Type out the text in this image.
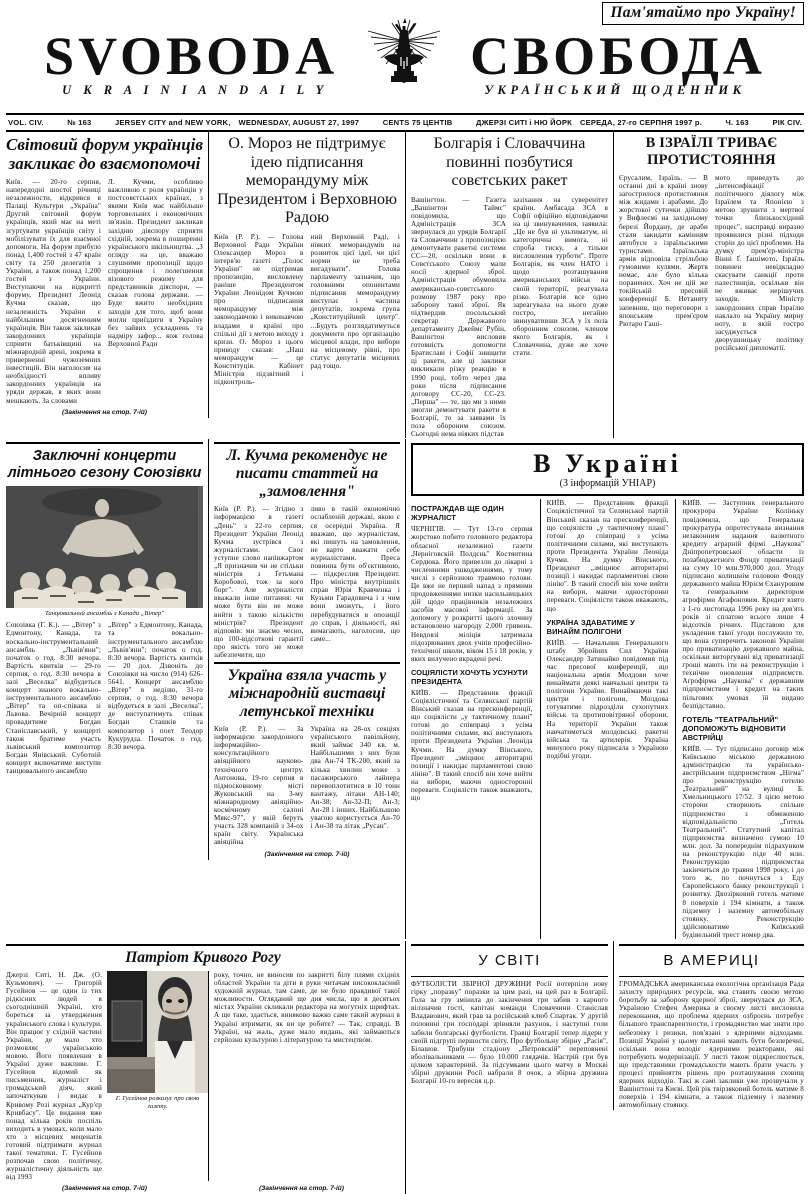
Пам'ятаймо про Україну!
SVOBODA СВОБОДА
U K R A I N I A N D A I L Y	УКРАЇНСЬКИЙ ЩОДЕННИК
VOL. CIV.	№ 163	JERSEY CITY and NEW YORK, WEDNESDAY, AUGUST 27, 1997	CENTS 75 ЦЕНТІВ	ДЖЕРЗІ СИТІ і НЮ ЙОРК СЕРЕДА, 27-го СЕРПНЯ 1997 р.	Ч. 163	РІК CIV.
Світовий форум українців закликає до взаємопомочі
Київ. — 20-го серпня, напередодні шостої річниці незалежности, відкрився в Палаці Культури „Україна" Другий світовий форум українців, який має на меті згуртувати українців світу і мобілізувати їх для взаємної допомоги. На форум прибуло понад 1,400 гостей з 47 країн світу та 250 делегатів з України, а також понад 1,200 гостей з України. Виступаючи на відкритті форуму, Президент Леонід Кучма сказав, що незалежність України є найбільшим досягненням українців. Він також закликав закордонних українців сприяти батьківщині на міжнародній арені, зокрема в приверненні чужоземних інвестицій. Він наголосив на необхідності впливу закордонних українців на уряди держав, в яких вони мешкають. За словами
Л. Кучми, особливо важливою є роля українців у постсовєтських країнах, з якими Київ має найбільше торговельних і економічних зв'язків. Президент закликав західню діяспору сприяти східній, зокрема в поширенні українського шкільництва. „З огляду на це, вважаю слушними пропозиції щодо спрощення і полегшення візового режиму для представників діяспори, — сказав голова держави. — Буде вжито необхідних заходів для того, щоб вони могли приїздити в Україну без зайвих ускладнень та надміру зафор... кож голова Верховної Ради
(Закінчення на стор. 7-ій)
О. Мороз не підтримує ідею підписання меморандуму між Президентом і Верховною Радою
Київ (Р. Р.). — Голова Верховної Ради України Олександер Мороз в інтерв'ю газеті „Голос України" не підтримав пропозицію, висловлену раніше Президентом України Леонідом Кучмою про підписання меморандуму між законодавчою і виконавчою владами в країні про спільні дії з метою виходу з кризи. О. Мороз з цього приводу сказав: „Наш меморандум — це Конституція. Кабінет Міністрів підзвітний і підконтроль-
ний Верховній Раді, і ніяких меморандумів на розвиток цієї ідеї, чи цієї норми не треба вигадувати". Голова парламенту зазначив, що головними опонентами підписання меморандуму виступає і частина депутатів, зокрема група „Конституційний центр". ...Будуть розглядатимуться документи про організацію місцевої влади, про вибори на місцевому рівні, про статус депутатів місцевих рад тощо.
Болгарія і Словаччина повинні позбутися совєтських ракет
Вашінґтон. — Газета „Вашінґтон Таймс" повідомила, що Адміністрація ЗСА звернулася до урядів Болгарії та Словаччини з пропозицією демонтувати ракетні системи СС—20, оскільки вони в Совєтського Союзу мали носії ядерної зброї. Адміністрація обумовила американсько-совєтського розмову 1987 року про заборону такої зброї. Як підтвердив посольський секретар Державного департаменту Джеймс Рубін, Вашінґтон висловив готовність допомогти Братиславі і Софії знищити ці ракети, але ці заклики викликали різку реакцію в 1990 році, тобто через два роки після підписання договору СС-20, СС-23. „Перша" — те, що ми з ними змогли демонтувати ракети в Болгарії, то за заявами їх поза обороним союзом. Сьогодні нема ніяких підстав
зазіхання на суверенітет країни. Амбасада ЗСА в Софії офіційно відповідаючи на ці звинувачення, заявила: „Це не був ні ультиматум, ні категорична вимога, ні спроба тиску, а тільки висловлення турботи". Проте Болгарія, як член НАТО і щодо розташування американських військ на своїй території, реагувала різко. Болгарія все одно зареагувала на нього дуже гостро, негайно звинувативши ЗСА у їх поза оборонним союзом, членом якого Болгарія, як і Словаччина, дуже же хоче стати.
В ІЗРАЇЛІ ТРИВАЄ ПРОТИСТОЯННЯ
Єрусалим, Ізраїль. — В останні дні в країні знову загострилося протистояння між жидами і арабами. До жорстокої сутички дійшло у Вифлеємі на західньому березі Йордану, де араби стали закидати камінням автобуси з ізраїльськими туристами. Ізраїльська армія відповіла стрільбою гумовими кулями. Жертв немає, але було кілька поранених. Хоч не цій же токійській пресовій конференції Б. Нетаняту запевнив, що переговори з японським прем'єром Рютаро Гаші-
мото приведуть до „інтенсифікації політичного діялогу між Ізраїлем та Японією з метою зрушити з мертвої точки близькосхідний процес", насправді виразно проявилися різні підходи сторін до цієї проблеми. На думку прем'єр-міністра Вінні Ґ. Ґашімото, Ізраїль повинен невідкладно скасувати санкції проти палестинців, оскільки він не вживає нерішучих заходів. Міністр закордонних справ Ізраїлю наклало на Україну мирну ноту, в якій гостро засуджується дворушницьку політику російської дипломатії.
Заключні концерти літнього сезону Союзівки
Танцювальний ансамбль з Канади „Вітер"
Союзівка (Г. К.). — „Вітер" з Едмонтону, Канада, та воскально-інструментальний ансамбль „Львів'яни"; початок о год. 8:30 вечора. Вартість квитків — 29-го серпня, о год. 8:30 вечора в залі „Веселка" відбудеться концерт знаного вокально-інструментального ансамблю „Вітер" та оп-співака зі Львова. Вечірній концерт провадитиме Богдан Станіславський, у концерті також братиме участь львівський композитор Богдан Янівський. Суботній концерт включатиме виступи танцювального ансамблю
„Вітер" з Едмонтону, Канада, та вокально-інструментального ансамблю „Львів'яни"; початок о год. 8:30 вечора. Вартість квитків — 20 дол. Дзвоніть до Союзівки на число (914) 626-5641. Концерт ансамблю „Вітер" в неділю, 31-го серпня, о год. 8:30 вечора відбудеться в залі „Веселка", де виступатимуть співак Богдан Сташків та композитор і поет Теодор Кукурудза. Початок о год. 8:30 вечора.
Л. Кучма рекомендує не писати статтей на „замовлення"
Київ (Р. Р.). — Згідно з інформацією в газеті „День" з 22-го серпня, Президент України Леонід Кучма зустрівся з журналістами. Своє уступне слово напівжартом „Я призначив чи не стільки міністрів з Ґетьмана Коробової, тож за кого борг". Але журналісти вважали інше питання: чи може бути він не може вийти з такою кількістю міністрів? Президент відповів: ми знаємо чесно, що 100-відсоткові гарантії про якість того не може забезпечити, що
ливо в такій економічно ослабленій державі, якою є ся осередні Україна. Я вважаю, що журналістам, які пишуть на замовлення, не варто вважати себе журналістами. Преса повинна бути об'єктивною, — підкреслив Президент. Про міністра внутрішніх справ Юрія Кравченка і Кузьми Гарадовича і з чим вони зможуть, і його перебудуватися в опозиції до справ, і діяльності, які вимагають, наголосив, що саме...
Україна взяла участь у міжнародній виставці летунської техніки
Київ (Р. Р.). — За інформацією закордонного інформаційно-консультаційного авіяційного науково-технічного центру. Антонова, 19-го серпня в підмосковному місті Жуковський на 3-му міжнародному авіяційно-космічному салоні Мякс-97", у якій беруть участь 328 компаній з 34-ох країн світу. Українська авіяційна
Україна на 28-ох секціях українського павільйону, який займає 340 кв. м. Найбільшими з них були два Ан-74 ТК-200, який за кілька хвилин може з пасажирського лайнера перевоплотитися в 10 тонн вантажу, літаки АН-140; Ан-38; Ан-32-П; Ан-3; Ан-28 і інших. Найбільшою увагою користується Ан-70 і Ан-38 та літак „Русан".
(Закінчення на стор. 7-ій)
В Україні
(З інформацій УНІАР)
ПОСТРАЖДАВ ЩЕ ОДИН ЖУРНАЛІСТ
ЧЕРНІГІВ. — Тут 13-го серпня жорстоко побито головного редактора обласної незалежної газети „Черніговскій Полдєнь" Костянтина Сердюка. Його привезли до лікарні з численними ушкодженнями, у тому числі з серйозною травмою голови. Це вже не перший напад з прямими продовженнями низки насильницьких дій щодо працівників незалежних засобів масової інформації. За допомогу у розкритті цього злочину встановлено нагороду 2,000 гривень. Невдовзі міліція затримала підозрюваних двох учнів професійно-технічної школи, віком 15 і 18 років, у яких вилучено вкрадені речі.
СОЦІЯЛІСТИ ХОЧУТЬ УСУНУТИ ПРЕЗИДЕНТА
КИЇВ. — Представник фракції Соціялістичної та Селянської партій Вінський сказав на пресконференції, що соціялісти „у тактичному плані" готові до співпраці з усіма політичними силами, які виступають проти Президента України Леоніда Кучми. На думку Вінського, Президент „зміцнює авторитарні позиції і накидає парламентові свою лінію". В такий спосіб він хоче вийти на вибори, маючи односторонні переваги. Соціялісти також вважають, що
КИЇВ. — Представник фракції Соціялістичної та Селянської партій Вінський сказав на пресконференції, що соціялісти „у тактичному плані" готові до співпраці з усіма політичними силами, які виступають проти Президента України Леоніда Кучми. На думку Вінського, Президент „зміцнює авторитарні позиції і накидає парламентові свою лінію". В такий спосіб він хоче вийти на вибори, маючи односторонні переваги. Соціялісти також вважають, що
УКРАЇНА ЗДАВАТИМЕ У ВИНАЙМ ПОЛІГОНИ
КИЇВ. — Начальник Генерального штабу Збройних Сил України Олександер Затинайко повідомив під час пресової конференції, що національна армія Молдови хоче винаймати деякі навчальні центри та полігони України. Винаймаючи такі центри і полігони, Молдова готуватиме підрозділи сухопутних військ та протиповітряної оборони. На території України також навчатиметься молдовські ракетні війська та артилерія. Україна минулого року підписала з Україною подібні угоди.
КИЇВ. — Заступник генерального прокурора України Коліньку повідомила, що Генеральна прокуратура опротестувала визнання незаконним надання валютного кредиту аграрній фірмі „Наукова" Дніпропетровської области із позабюджетного Фонду приватизації на суму 10 млн.970,000 дол. Угоду підписано колишнім головою Фонду державного майна Юрієм Єхануровим та генеральним директором агрофірми Агафоновим. Кредит взято з 1-го листопада 1996 року на дев'ять років зі сплатою всього лише 4 відсотків річних. Підставою для укладення такої угоди послужило те, що вона суперечить законові України про приватизацію державного майна, оскільки виторгувані від приватизації гроші мають іти на реконструкцію і технічне оновлення підприємств. Агрофірма „Наукова" є державним підприємством і кредит на таких пільгових умовах їй видано безпідставно.
ГОТЕЛЬ "ТЕАТРАЛЬНИЙ" ДОПОМОЖУТЬ ВІДНОВИТИ АВСТРІЙЦІ
КИЇВ. — Тут підписано договір між Київською міською державною адміністрацією та українсько-австрійським підприємством „Нігма" про реконструкцію готелю „Театральний" на вулиці Б. Хмельницького 17/52. З цією метою сторони створюють спільне підприємство з обмеженою відповідальністю „Готель Театральний". Статутний капітал підприємства визначено сумою 10 млн. дол. За попереднім підрахунком на реконструкцію піде 40 млн. Реконструкцію підприємства закінчиться до травня 1998 року, і до того ж, по почнуться з Еду Європейського банку реконструкції і розвитку. Двозірковий готель матиме 8 поверхів і 194 кімнати, а також підземну і наземну автомобільну стоянку. Реконструкцію здійснюватиме Київський будівельний трест номер два.
Патріот Кривого Рогу
Джерзі Ситі, Н. Дж. (О. Кузьмович). — Григорій Гусейнов — це один із тих рідкісних людей в сьогоднішній Україні, хто бореться за утвердження українського слова і культури. Він працює у східній частині України, де мало хто розмовляє українською мовою. Його появлення в Україні дуже важливе. Г. Гусейнов відомий як письменник, журналіст і громадський діяч, який започаткував і видає в Кривому Розі журнал „Кур'єр Кривбасу". Це видання вже понад кілька років поспіль виходить в умовах, коли мало хто з місцевих меценатів готовий підтримати журнал такої тематики. Г. Гусейнов розпочав свою політичну, журналістичну діяльність ще від 1993
Г. Гусейнов розказує про свою газету.
року, точно, не виносив по закритті білу плями східніх областей України та діти в руки читачам висококласний художній журнал, там саме, де не було правдивої такої можливости. Огляданий ще дня числа, що в десятьох містах України скликали редактора на могутніх шрифтах. А ще таке, здається, виняково важко саме такий журнал в Україні втримати, як ви це робите? — Так, справді. В Україні, на жаль, дуже мало видань, які займаються серйозно культурою і літературою та мистецтвом.
(Закінчення на стор. 7-ій)	(Закінчення на стор. 7-ій)
У СВІТІ
ФУТБОЛІСТИ ЗБІРНОЇ ДРУЖИНИ Росії потерпіли нову гірку „поразку" поразки за цим разі, на цей раз в Болгарії. Гола за гру змінила до закінчення гри забив з карного вілзначив гості, капітан команди Словаччини Станіслав Владавович, який грав за російський клюб Спартак. У другій половині гри господарі зрівняли рахунок, і наступні голи забили болгарські футболісти. Гравці Болгарії тепер лідери у своїй підгрупі першости світу. Про футбольну збірну „Расія", Білашов. Трибуни стадіону „Петровскій" переповнені вболівальниками — було 10.000 глядачів. Настрій гри був цілком характерний. За підсумками цього матчу в Москві збірні дружини Росії набрали 8 очок, а збірна дружина Болгарії 10-го вересня ц.р.
В АМЕРИЦІ
ГРОМАДСЬКА американська екологічна організація Рада захисту природних ресурсів, яка ставить своєю метою боротьбу за заборону ядерної зброї, звернулася до ЗСА, Україною Стефен Америка в своєму листі висловила переконання, що проблема ядерних озброєнь потребує більшого транспарентности, і громадянство має знати про небезпеку і ризики, пов'язані з ядерними відходами. Позиції Україні у цьому питанні мають бути безперечні, оскільки вона володіє ядерними реакторами, які потребують модернізації. У листі також підкреслюється, що представники громадськости мають брати участь у процесі прийняття рішень про розташування сховищ ядерних відходів. Такі ж самі заклики уже прозвучали у Вашінґтоні та Києві. Цей рік твірзяковий ботель матиме 8 поверхів і 194 кімнати, а також підземну і наземну автомобільну стоянку.
